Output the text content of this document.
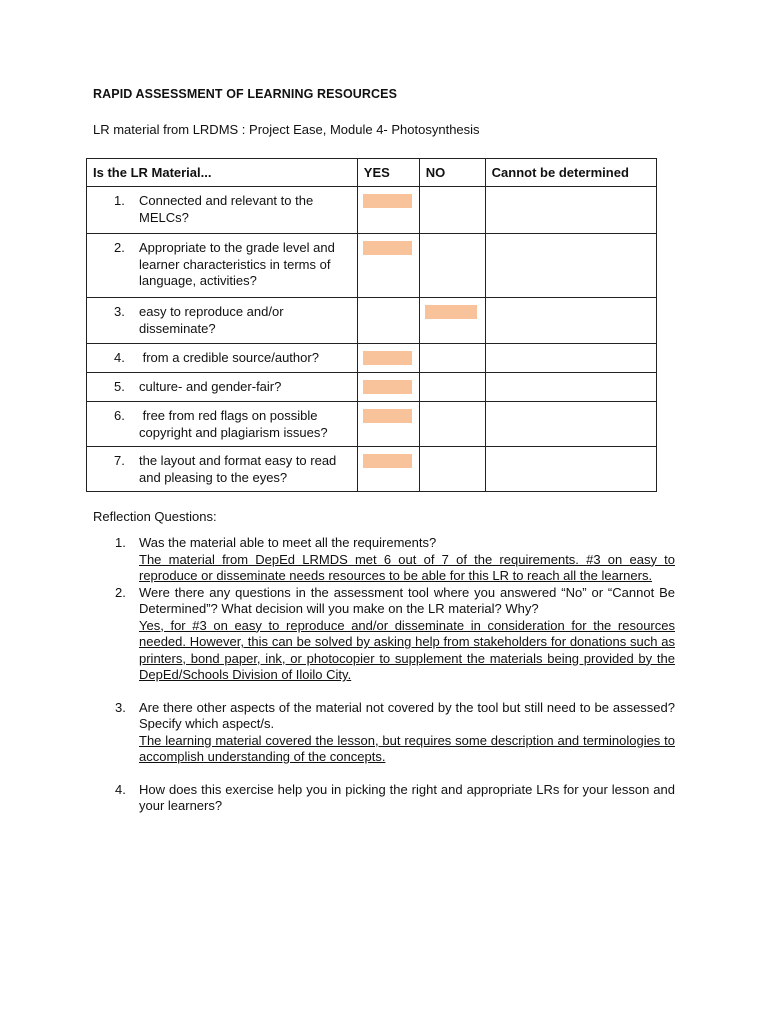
RAPID ASSESSMENT OF LEARNING RESOURCES
LR material from LRDMS : Project Ease, Module 4- Photosynthesis
Is the LR Material...	YES	NO	Cannot be determined

1. Connected and relevant to the MELCs?			

2. Appropriate to the grade level and learner characteristics in terms of language, activities?			

3. easy to reproduce and/or disseminate?			

4. from a credible source/author?			

5. culture- and gender-fair?			

6. free from red flags on possible copyright and plagiarism issues?			

7. the layout and format easy to read and pleasing to the eyes?			

Reflection Questions:
1.	Was the material able to meet all the requirements?
The material from DepEd LRMDS met 6 out of 7 of the requirements. #3 on easy to reproduce or disseminate needs resources to be able for this LR to reach all the learners.
2.	Were there any questions in the assessment tool where you answered “No” or “Cannot Be Determined”? What decision will you make on the LR material? Why?
Yes, for #3 on easy to reproduce and/or disseminate in consideration for the resources needed. However, this can be solved by asking help from stakeholders for donations such as printers, bond paper, ink, or photocopier to supplement the materials being provided by the DepEd/Schools Division of Iloilo City.
3.	Are there other aspects of the material not covered by the tool but still need to be assessed? Specify which aspect/s.
The learning material covered the lesson, but requires some description and terminologies to accomplish understanding of the concepts.
4.	How does this exercise help you in picking the right and appropriate LRs for your lesson and your learners?
